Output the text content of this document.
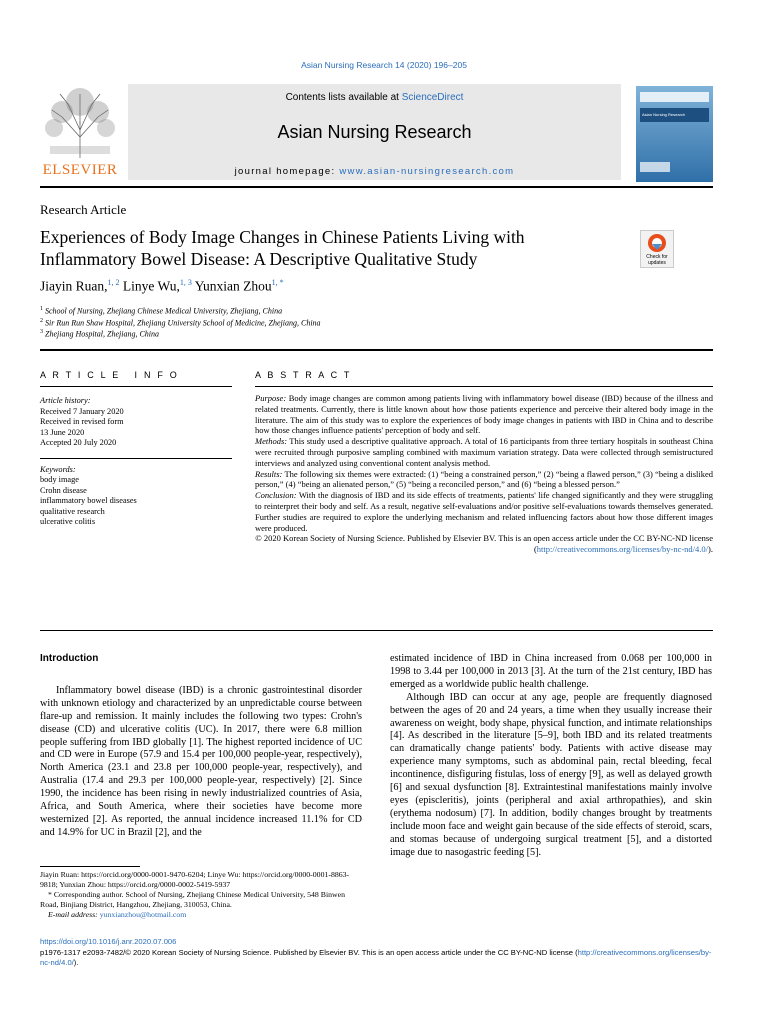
Asian Nursing Research 14 (2020) 196–205
ELSEVIER
Contents lists available at ScienceDirect
Asian Nursing Research
journal homepage: www.asian-nursingresearch.com
Asian Nursing Research
Research Article
Experiences of Body Image Changes in Chinese Patients Living with Inflammatory Bowel Disease: A Descriptive Qualitative Study	Check for updates
Jiayin Ruan,$^{1, 2}$ Linye Wu,$^{1, 3}$ Yunxian Zhou$^{1, *}$
$^1$ School of Nursing, Zhejiang Chinese Medical University, Zhejiang, China
$^2$ Sir Run Run Shaw Hospital, Zhejiang University School of Medicine, Zhejiang, China
$^3$ Zhejiang Hospital, Zhejiang, China
A R T I C L E   I N F O
Article history:
Received 7 January 2020
Received in revised form
13 June 2020
Accepted 20 July 2020
Keywords:
body image
Crohn disease
inflammatory bowel diseases
qualitative research
ulcerative colitis
A B S T R A C T
Purpose: Body image changes are common among patients living with inflammatory bowel disease (IBD) because of the illness and related treatments. Currently, there is little known about how those patients experience and perceive their altered body image in the literature. The aim of this study was to explore the experiences of body image changes in patients with IBD in China and to describe how those changes influence patients' perception of body and self.
Methods: This study used a descriptive qualitative approach. A total of 16 participants from three tertiary hospitals in southeast China were recruited through purposive sampling combined with maximum variation strategy. Data were collected through semistructured interviews and analyzed using conventional content analysis method.
Results: The following six themes were extracted: (1) “being a constrained person,” (2) “being a flawed person,” (3) “being a disliked person,” (4) “being an alienated person,” (5) “being a reconciled person,” and (6) “being a blessed person.”
Conclusion: With the diagnosis of IBD and its side effects of treatments, patients' life changed significantly and they were struggling to reinterpret their body and self. As a result, negative self-evaluations and/or positive self-evaluations towards themselves generated. Further studies are required to explore the underlying mechanism and related influencing factors about how those different images were produced.
© 2020 Korean Society of Nursing Science. Published by Elsevier BV. This is an open access article under the CC BY-NC-ND license (http://creativecommons.org/licenses/by-nc-nd/4.0/).
Introduction

Inflammatory bowel disease (IBD) is a chronic gastrointestinal disorder with unknown etiology and characterized by an unpredictable course between flare-up and remission. It mainly includes the following two types: Crohn's disease (CD) and ulcerative colitis (UC). In 2017, there were 6.8 million people suffering from IBD globally [1]. The highest reported incidence of UC and CD were in Europe (57.9 and 15.4 per 100,000 people-year, respectively), North America (23.1 and 23.8 per 100,000 people-year, respectively), and Australia (17.4 and 29.3 per 100,000 people-year, respectively) [2]. Since 1990, the incidence has been rising in newly industrialized countries of Asia, Africa, and South America, where their societies have become more westernized [2]. As reported, the annual incidence increased 11.1% for CD and 14.9% for UC in Brazil [2], and the

Jiayin Ruan: https://orcid.org/0000-0001-9470-6204; Linye Wu: https://orcid.org/0000-0001-8863-9818; Yunxian Zhou: https://orcid.org/0000-0002-5419-5937

* Corresponding author. School of Nursing, Zhejiang Chinese Medical University, 548 Binwen Road, Binjiang District, Hangzhou, Zhejiang, 310053, China.

E-mail address: yunxianzhou@hotmail.com

estimated incidence of IBD in China increased from 0.068 per 100,000 in 1998 to 3.44 per 100,000 in 2013 [3]. At the turn of the 21st century, IBD has emerged as a worldwide public health challenge.

Although IBD can occur at any age, people are frequently diagnosed between the ages of 20 and 24 years, a time when they usually increase their awareness on weight, body shape, physical function, and intimate relationships [4]. As described in the literature [5–9], both IBD and its related treatments can dramatically change patients' body. Patients with active disease may experience many symptoms, such as abdominal pain, rectal bleeding, fecal incontinence, disfiguring fistulas, loss of energy [9], as well as delayed growth [6] and sexual dysfunction [8]. Extraintestinal manifestations mainly involve eyes (episcleritis), joints (peripheral and axial arthropathies), and skin (erythema nodosum) [7]. In addition, bodily changes brought by treatments include moon face and weight gain because of the side effects of steroid, scars, and stomas because of undergoing surgical treatment [5], and a distorted image due to nasogastric feeding [5].

https://doi.org/10.1016/j.anr.2020.07.006
p1976-1317 e2093-7482/© 2020 Korean Society of Nursing Science. Published by Elsevier BV. This is an open access article under the CC BY-NC-ND license (http://creativecommons.org/licenses/by-nc-nd/4.0/).
